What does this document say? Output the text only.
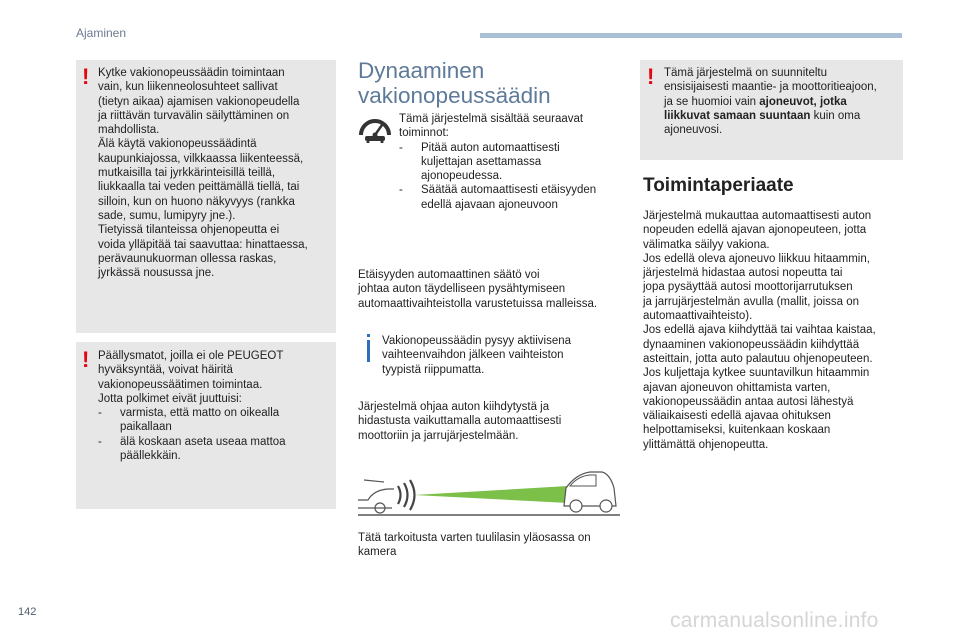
Ajaminen
! Kytke vakionopeussäädin toimintaan
vain, kun liikenneolosuhteet sallivat
(tietyn aikaa) ajamisen vakionopeudella
ja riittävän turvavälin säilyttäminen on
mahdollista.
Älä käytä vakionopeussäädintä
kaupunkiajossa, vilkkaassa liikenteessä,
mutkaisilla tai jyrkkärinteisillä teillä,
liukkaalla tai veden peittämällä tiellä, tai
silloin, kun on huono näkyvyys (rankka
sade, sumu, lumipyry jne.).
Tietyissä tilanteissa ohjenopeutta ei
voida ylläpitää tai saavuttaa: hinattaessa,
perävaunukuorman ollessa raskas,
jyrkässä nousussa jne.
! Päällysmatot, joilla ei ole PEUGEOT
hyväksyntää, voivat häiritä
vakionopeussäätimen toimintaa.
Jotta polkimet eivät juuttuisi:
- varmista, että matto on oikealla
paikallaan
- älä koskaan aseta useaa mattoa
päällekkäin.
Dynaaminen
vakionopeussäädin
Tämä järjestelmä sisältää seuraavat
toiminnot:
- Pitää auton automaattisesti
kuljettajan asettamassa
ajonopeudessa.
- Säätää automaattisesti etäisyyden
edellä ajavaan ajoneuvoon
Etäisyyden automaattinen säätö voi
johtaa auton täydelliseen pysähtymiseen
automaattivaihteistolla varustetuissa malleissa.
Vakionopeussäädin pysyy aktiivisena
vaihteenvaihdon jälkeen vaihteiston
tyypistä riippumatta.
Järjestelmä ohjaa auton kiihdytystä ja
hidastusta vaikuttamalla automaattisesti
moottoriin ja jarrujärjestelmään.
Tätä tarkoitusta varten tuulilasin yläosassa on
kamera
! Tämä järjestelmä on suunniteltu
ensisijaisesti maantie- ja moottoritieajoon,
ja se huomioi vain ajoneuvot, jotka
liikkuvat samaan suuntaan kuin oma
ajoneuvosi.
Toimintaperiaate
Järjestelmä mukauttaa automaattisesti auton
nopeuden edellä ajavan ajonopeuteen, jotta
välimatka säilyy vakiona.
Jos edellä oleva ajoneuvo liikkuu hitaammin,
järjestelmä hidastaa autosi nopeutta tai
jopa pysäyttää autosi moottorijarrutuksen
ja jarrujärjestelmän avulla (mallit, joissa on
automaattivaihteisto).
Jos edellä ajava kiihdyttää tai vaihtaa kaistaa,
dynaaminen vakionopeussäädin kiihdyttää
asteittain, jotta auto palautuu ohjenopeuteen.
Jos kuljettaja kytkee suuntavilkun hitaammin
ajavan ajoneuvon ohittamista varten,
vakionopeussäädin antaa autosi lähestyä
väliaikaisesti edellä ajavaa ohituksen
helpottamiseksi, kuitenkaan koskaan
ylittämättä ohjenopeutta.
142	carmanualsonline.info
